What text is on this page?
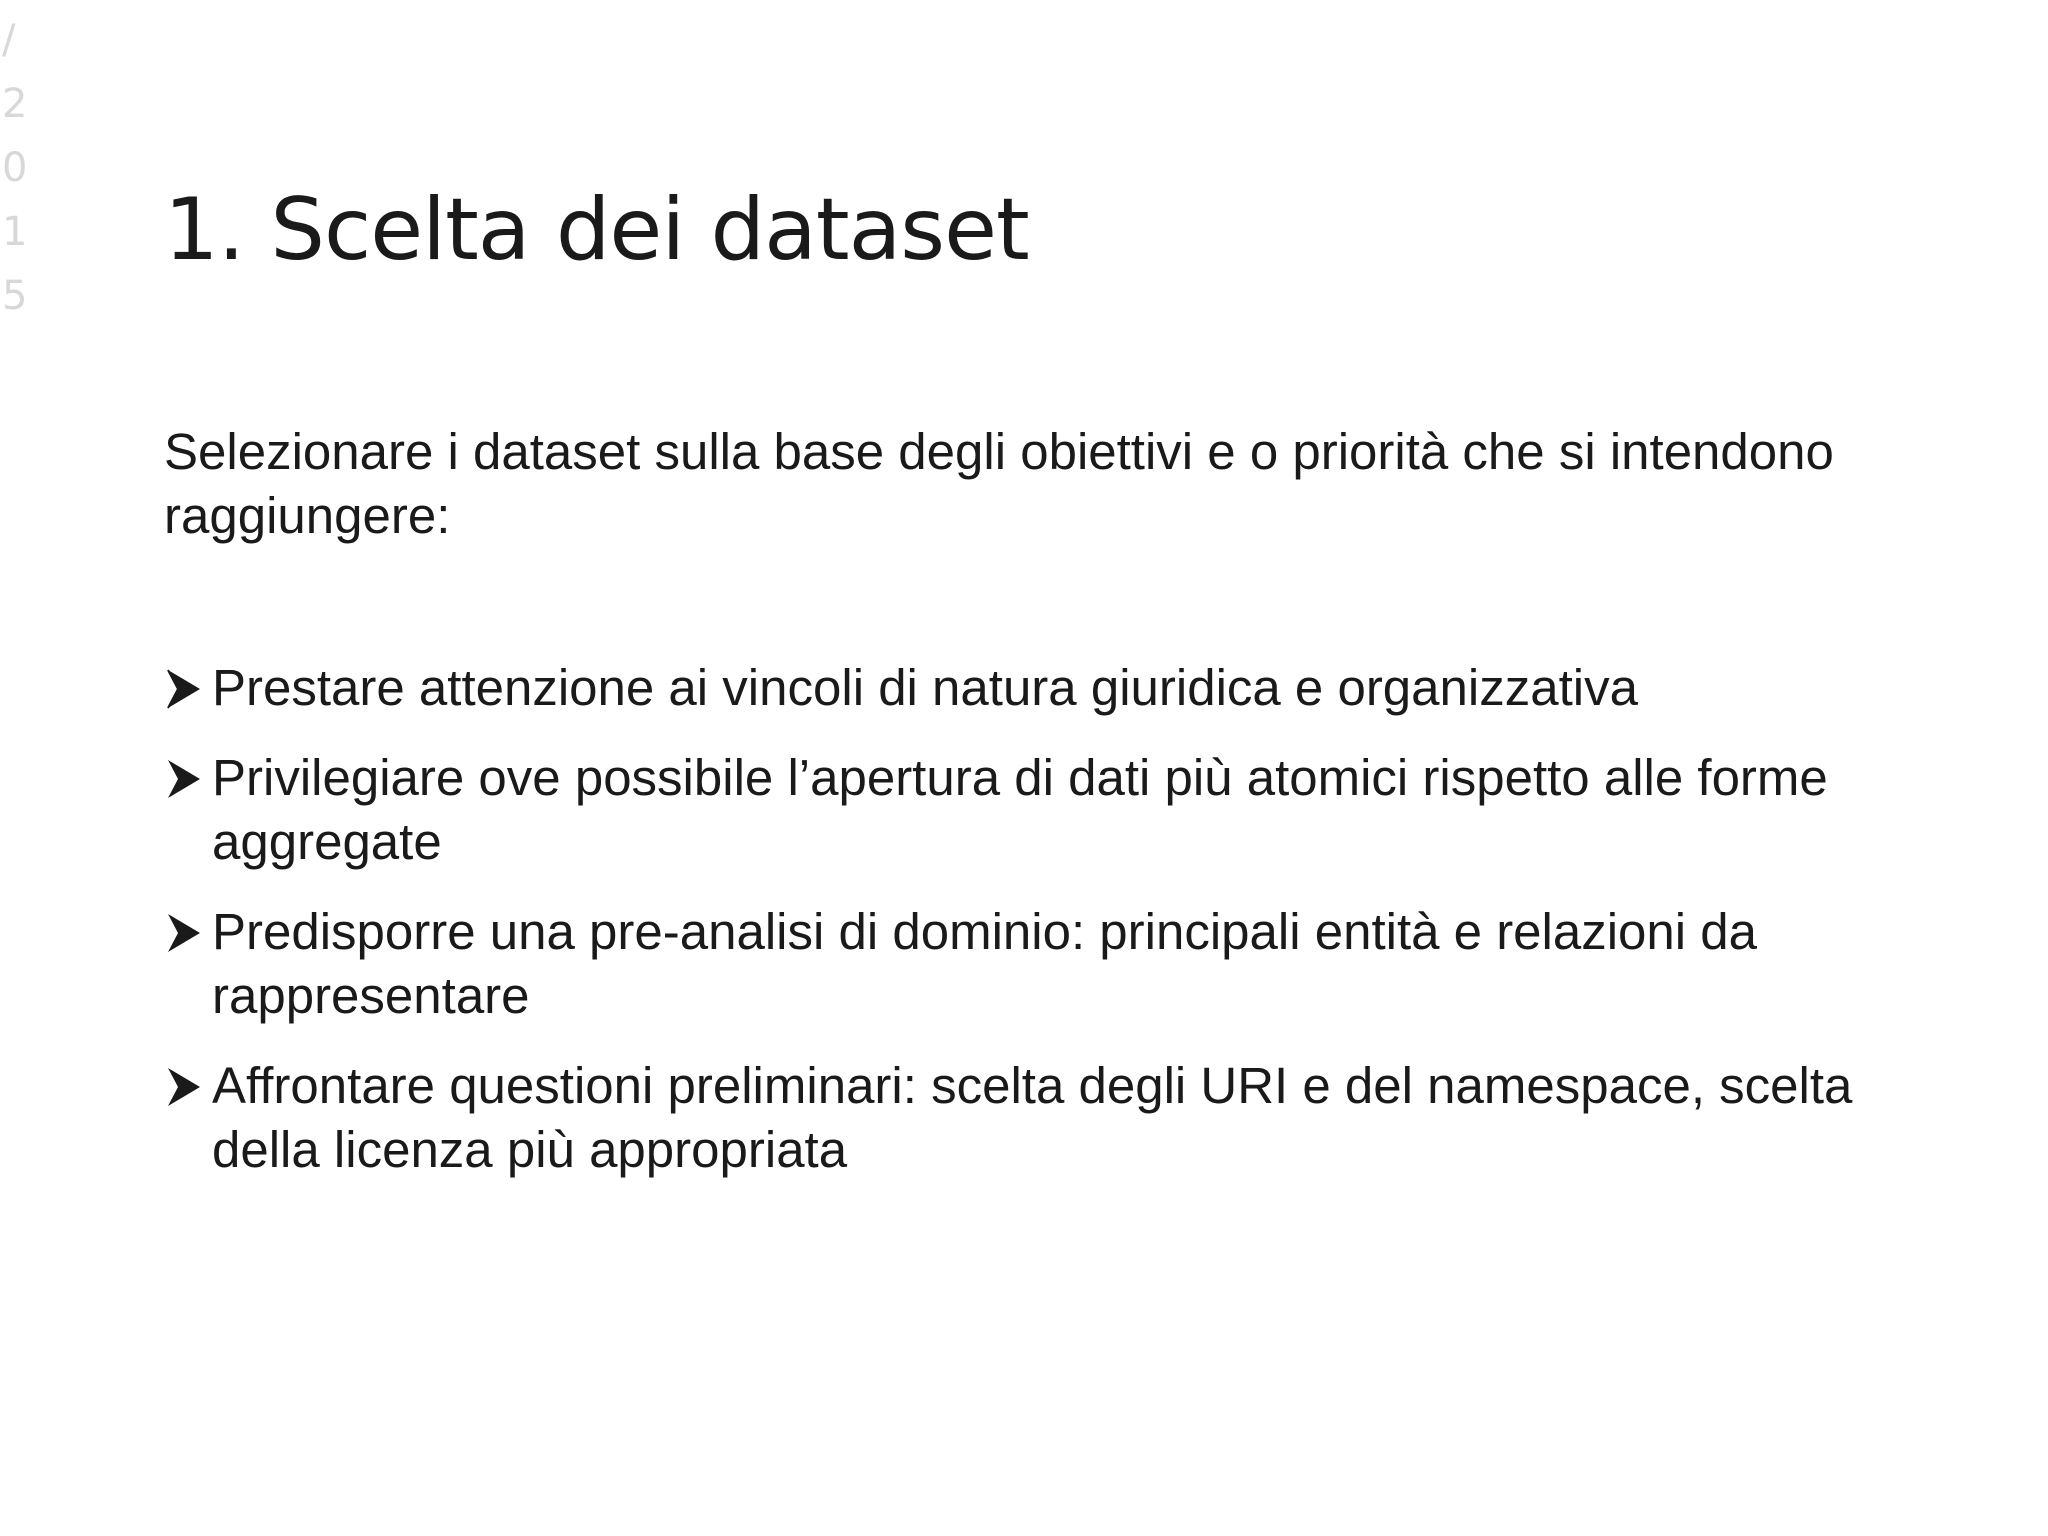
/
2
0
1
5
1. Scelta dei dataset

Selezionare i dataset sulla base degli obiettivi e o priorità che si intendono raggiungere:

Prestare attenzione ai vincoli di natura giuridica e organizzativa
Privilegiare ove possibile l’apertura di dati più atomici rispetto alle forme aggregate
Predisporre una pre-analisi di dominio: principali entità e relazioni da rappresentare
Affrontare questioni preliminari: scelta degli URI e del namespace, scelta della licenza più appropriata
